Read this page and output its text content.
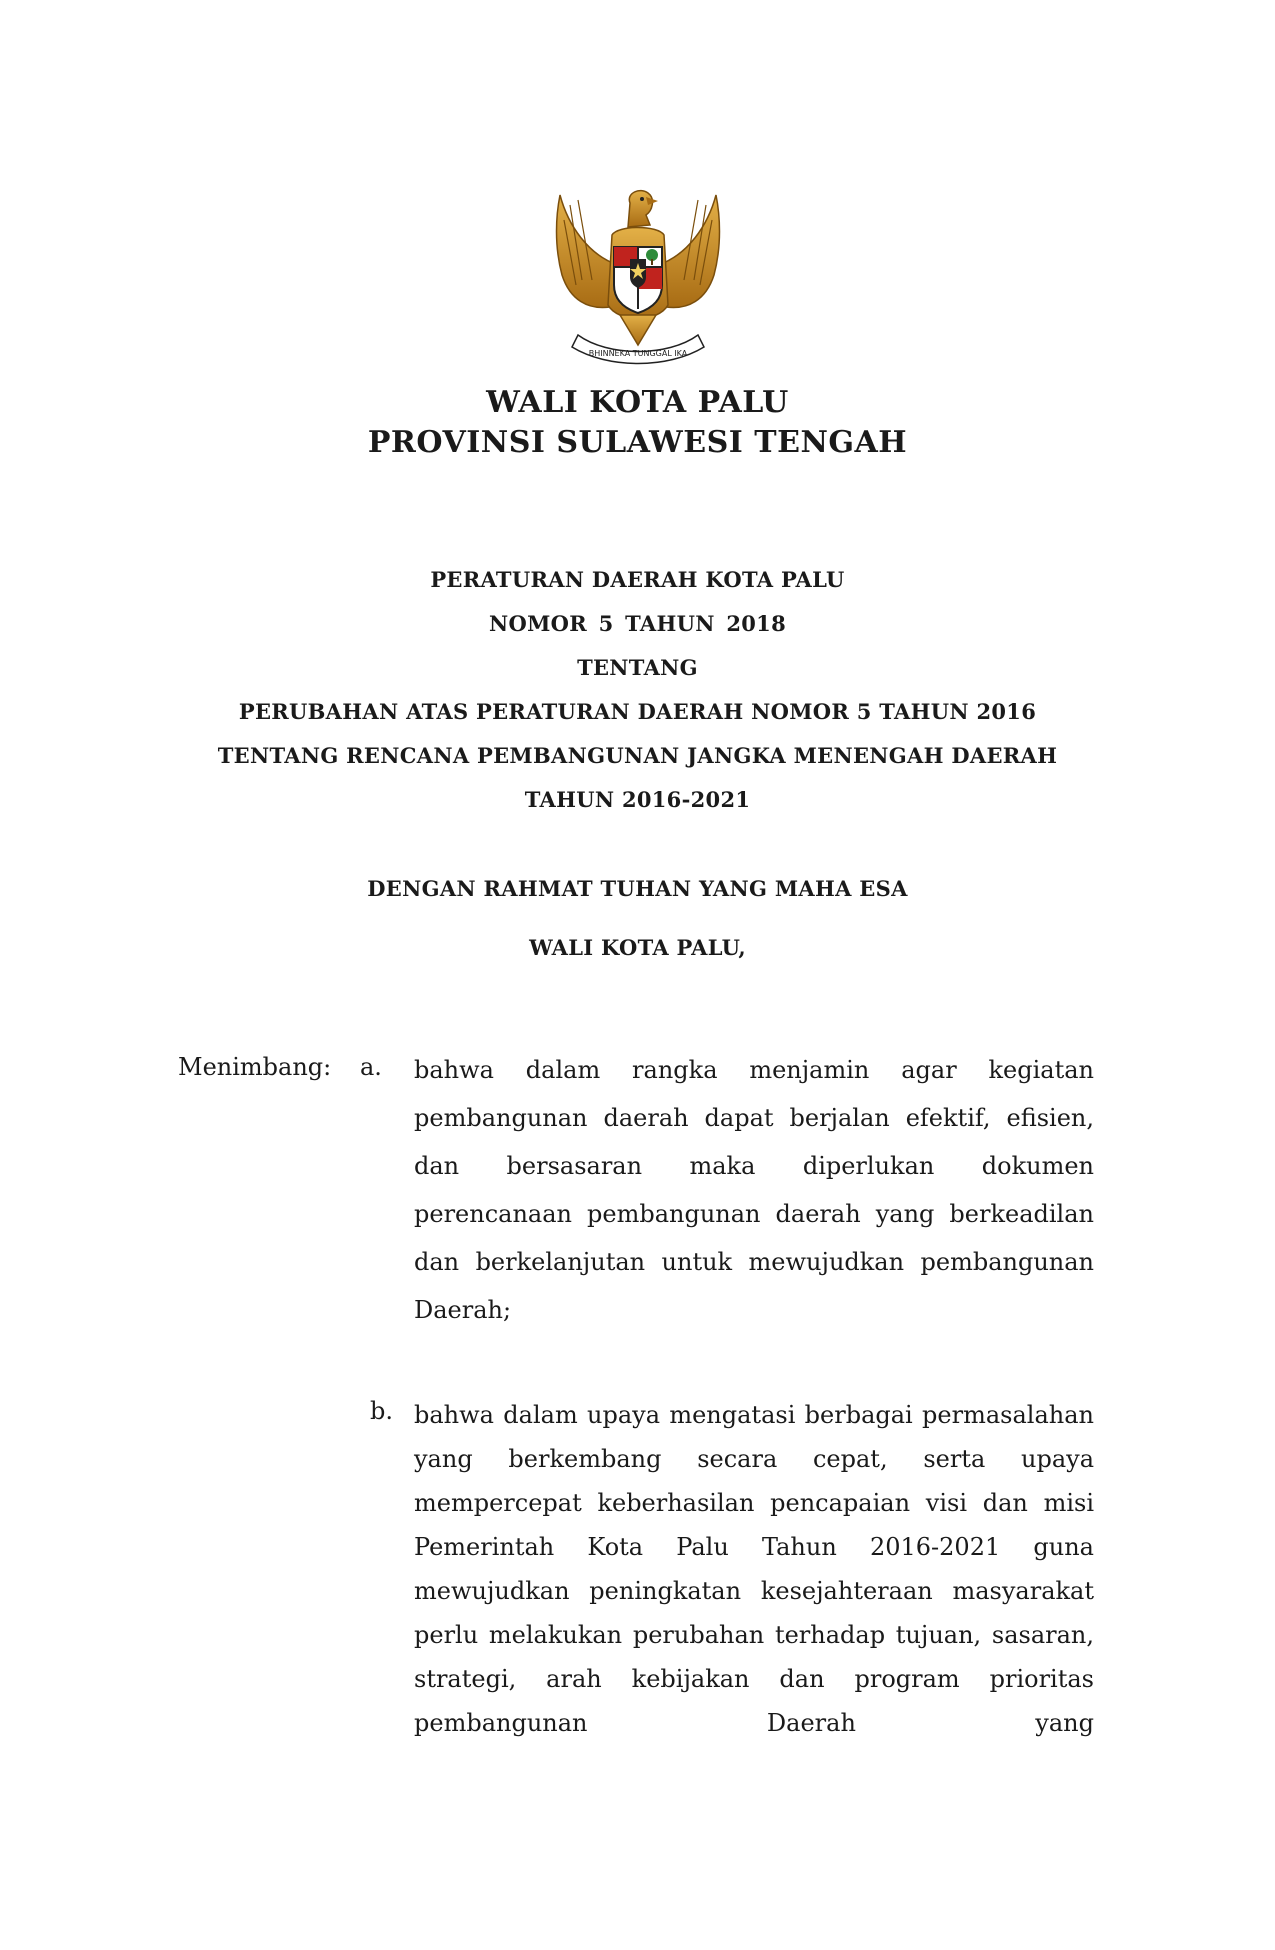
BHINNEKA TUNGGAL IKA
WALI KOTA PALU
PROVINSI SULAWESI TENGAH
PERATURAN DAERAH KOTA PALU
NOMOR 5 TAHUN 2018
TENTANG
PERUBAHAN ATAS PERATURAN DAERAH NOMOR 5 TAHUN 2016
TENTANG RENCANA PEMBANGUNAN JANGKA MENENGAH DAERAH
TAHUN 2016-2021
DENGAN RAHMAT TUHAN YANG MAHA ESA
WALI KOTA PALU,
Menimbang: a. bahwa dalam rangka menjamin agar kegiatan pembangunan daerah dapat berjalan efektif, efisien, dan bersasaran maka diperlukan dokumen perencanaan pembangunan daerah yang berkeadilan dan berkelanjutan untuk mewujudkan pembangunan Daerah;
b. bahwa dalam upaya mengatasi berbagai permasalahan yang berkembang secara cepat, serta upaya mempercepat keberhasilan pencapaian visi dan misi Pemerintah Kota Palu Tahun 2016-2021 guna mewujudkan peningkatan kesejahteraan masyarakat perlu melakukan perubahan terhadap tujuan, sasaran, strategi, arah kebijakan dan program prioritas pembangunan Daerah yang
